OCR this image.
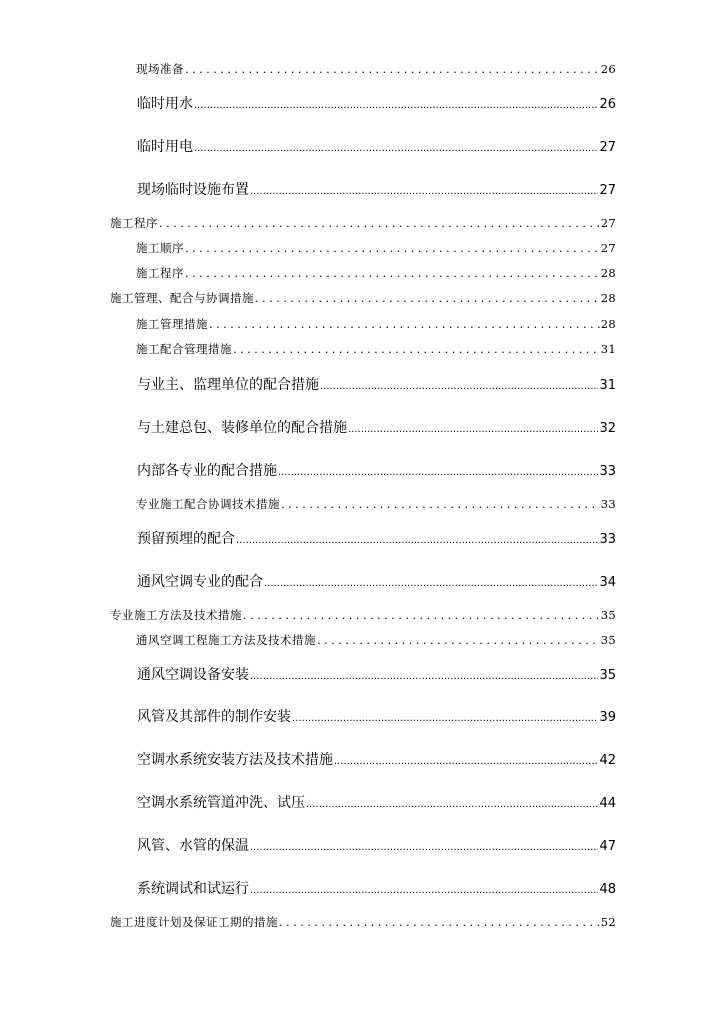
现场准备 .....	26
临时用水 .....	26
临时用电 .....	27
现场临时设施布置 .....	27
施工程序 .....	27
施工顺序 .....	27
施工程序 .....	28
施工管理、配合与协调措施 .....	28
施工管理措施 .....	28
施工配合管理措施 .....	31
与业主、监理单位的配合措施 .....	31
与土建总包、装修单位的配合措施 .....	32
内部各专业的配合措施 .....	33
专业施工配合协调技术措施 .....	33
预留预埋的配合 .....	33
通风空调专业的配合 .....	34
专业施工方法及技术措施 .....	35
通风空调工程施工方法及技术措施 .....	35
通风空调设备安装 .....	35
风管及其部件的制作安装 .....	39
空调水系统安装方法及技术措施 .....	42
空调水系统管道冲洗、试压 .....	44
风管、水管的保温 .....	47
系统调试和试运行 .....	48
施工进度计划及保证工期的措施 .....	52
